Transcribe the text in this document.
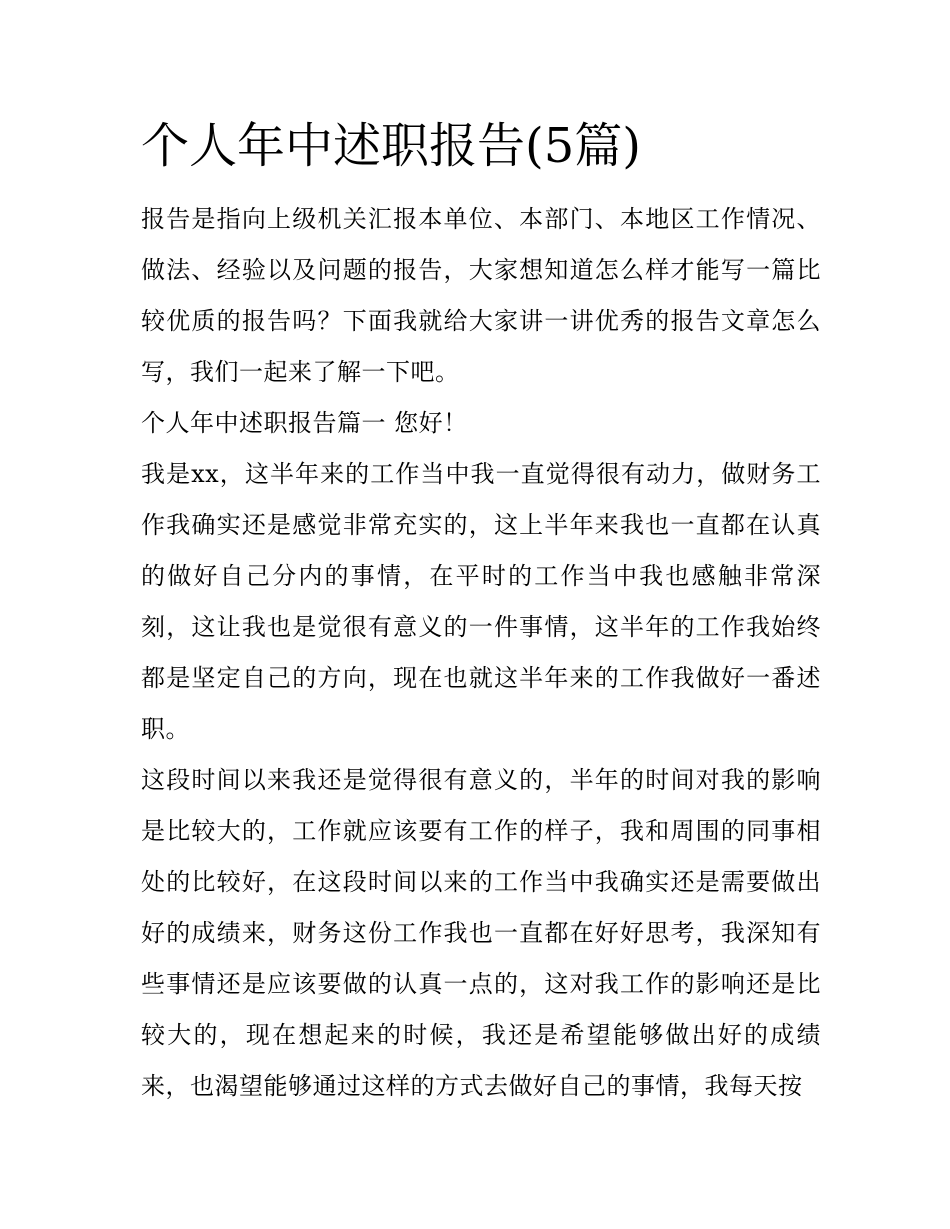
个人年中述职报告(5篇)

报告是指向上级机关汇报本单位、本部门、本地区工作情况、做法、经验以及问题的报告，大家想知道怎么样才能写一篇比较优质的报告吗？下面我就给大家讲一讲优秀的报告文章怎么写，我们一起来了解一下吧。

个人年中述职报告篇一 您好！

我是xx，这半年来的工作当中我一直觉得很有动力，做财务工作我确实还是感觉非常充实的，这上半年来我也一直都在认真的做好自己分内的事情，在平时的工作当中我也感触非常深刻，这让我也是觉很有意义的一件事情，这半年的工作我始终都是坚定自己的方向，现在也就这半年来的工作我做好一番述职。

这段时间以来我还是觉得很有意义的，半年的时间对我的影响是比较大的，工作就应该要有工作的样子，我和周围的同事相处的比较好，在这段时间以来的工作当中我确实还是需要做出好的成绩来，财务这份工作我也一直都在好好思考，我深知有些事情还是应该要做的认真一点的，这对我工作的影响还是比较大的，现在想起来的时候，我还是希望能够做出好的成绩来，也渴望能够通过这样的方式去做好自己的事情，我每天按
